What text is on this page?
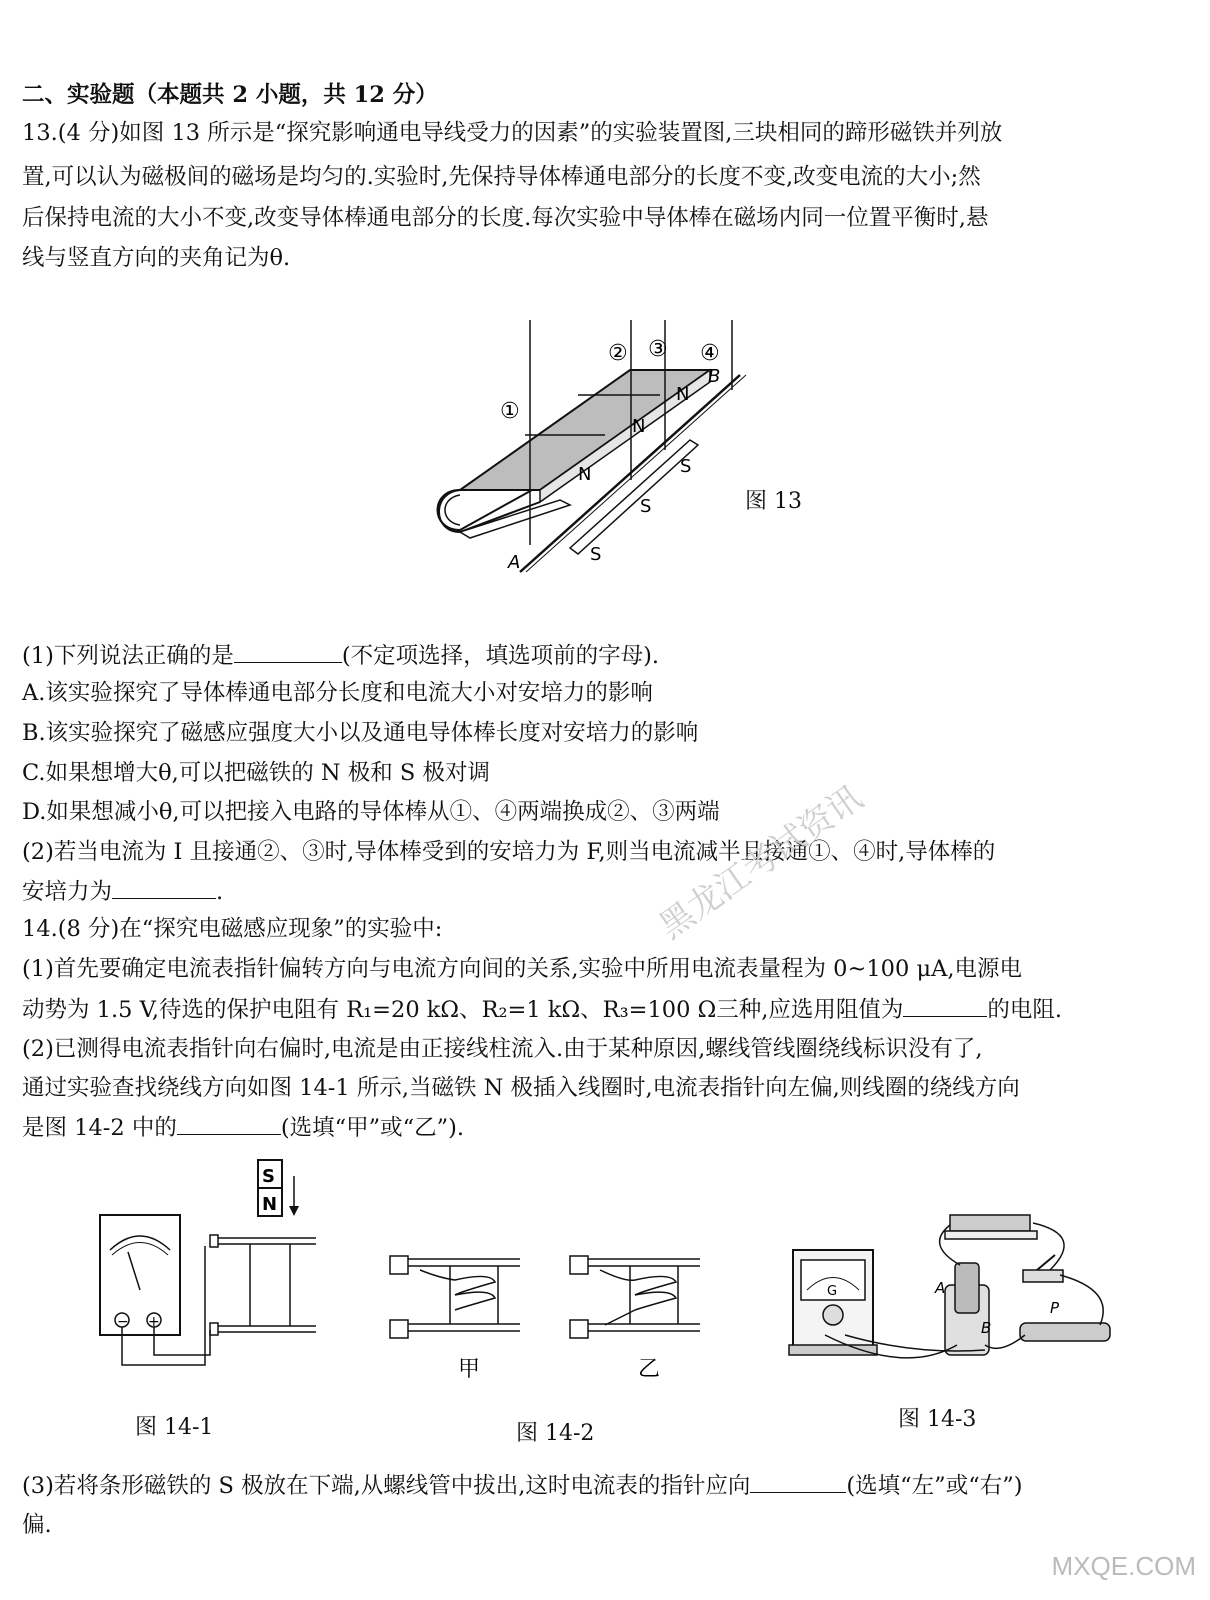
二、实验题（本题共 2 小题，共 12 分）
13.(4 分)如图 13 所示是“探究影响通电导线受力的因素”的实验装置图,三块相同的蹄形磁铁并列放
置,可以认为磁极间的磁场是均匀的.实验时,先保持导体棒通电部分的长度不变,改变电流的大小;然
后保持电流的大小不变,改变导体棒通电部分的长度.每次实验中导体棒在磁场内同一位置平衡时,悬
线与竖直方向的夹角记为θ.
①
② ③ ④
B
A
N
N
N
S
S
S
图 13
(1)下列说法正确的是	(不定项选择，填选项前的字母).
A.该实验探究了导体棒通电部分长度和电流大小对安培力的影响
B.该实验探究了磁感应强度大小以及通电导体棒长度对安培力的影响
C.如果想增大θ,可以把磁铁的 N 极和 S 极对调
D.如果想减小θ,可以把接入电路的导体棒从①、④两端换成②、③两端
(2)若当电流为 I 且接通②、③时,导体棒受到的安培力为 F,则当电流减半且接通①、④时,导体棒的
安培力为	.
14.(8 分)在“探究电磁感应现象”的实验中:
(1)首先要确定电流表指针偏转方向与电流方向间的关系,实验中所用电流表量程为 0~100 μA,电源电
动势为 1.5 V,待选的保护电阻有 R₁=20 kΩ、R₂=1 kΩ、R₃=100 Ω三种,应选用阻值为	的电阻.
(2)已测得电流表指针向右偏时,电流是由正接线柱流入.由于某种原因,螺线管线圈绕线标识没有了,
通过实验查找绕线方向如图 14-1 所示,当磁铁 N 极插入线圈时,电流表指针向左偏,则线圈的绕线方向
是图 14-2 中的	(选填“甲”或“乙”).
S
N
− +
图 14-1
甲	乙
图 14-2
G	A
B
P
图 14-3
(3)若将条形磁铁的 S 极放在下端,从螺线管中拔出,这时电流表的指针应向	(选填“左”或“右”)
偏.
黑龙江考试资讯
MXQE.COM
